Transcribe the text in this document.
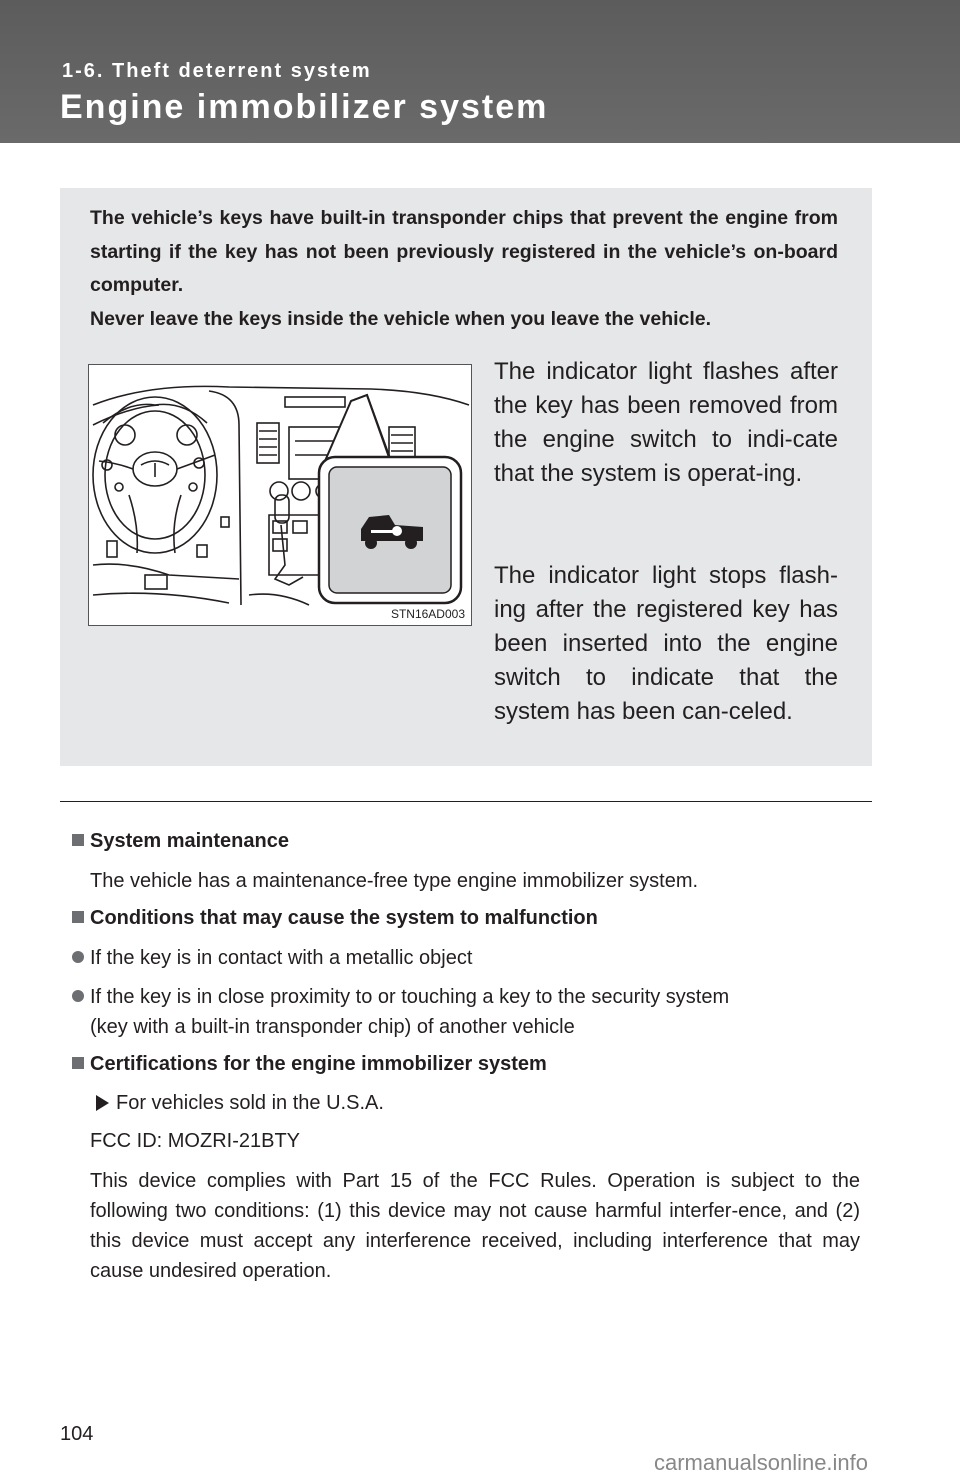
1-6. Theft deterrent system
Engine immobilizer system
The vehicle’s keys have built-in transponder chips that prevent the engine from starting if the key has not been previously registered in the vehicle’s on-board computer.
Never leave the keys inside the vehicle when you leave the vehicle.
STN16AD003

The indicator light flashes after the key has been removed from the engine switch to indi-cate that the system is operat-ing.

The indicator light stops flash-ing after the registered key has been inserted into the engine switch to indicate that the system has been can-celed.

System maintenance
The vehicle has a maintenance-free type engine immobilizer system.
Conditions that may cause the system to malfunction
If the key is in contact with a metallic object
If the key is in close proximity to or touching a key to the security system
(key with a built-in transponder chip) of another vehicle
Certifications for the engine immobilizer system
For vehicles sold in the U.S.A.
FCC ID: MOZRI-21BTY
This device complies with Part 15 of the FCC Rules. Operation is subject to the following two conditions: (1) this device may not cause harmful interfer-ence, and (2) this device must accept any interference received, including interference that may cause undesired operation.
104
carmanualsonline.info
